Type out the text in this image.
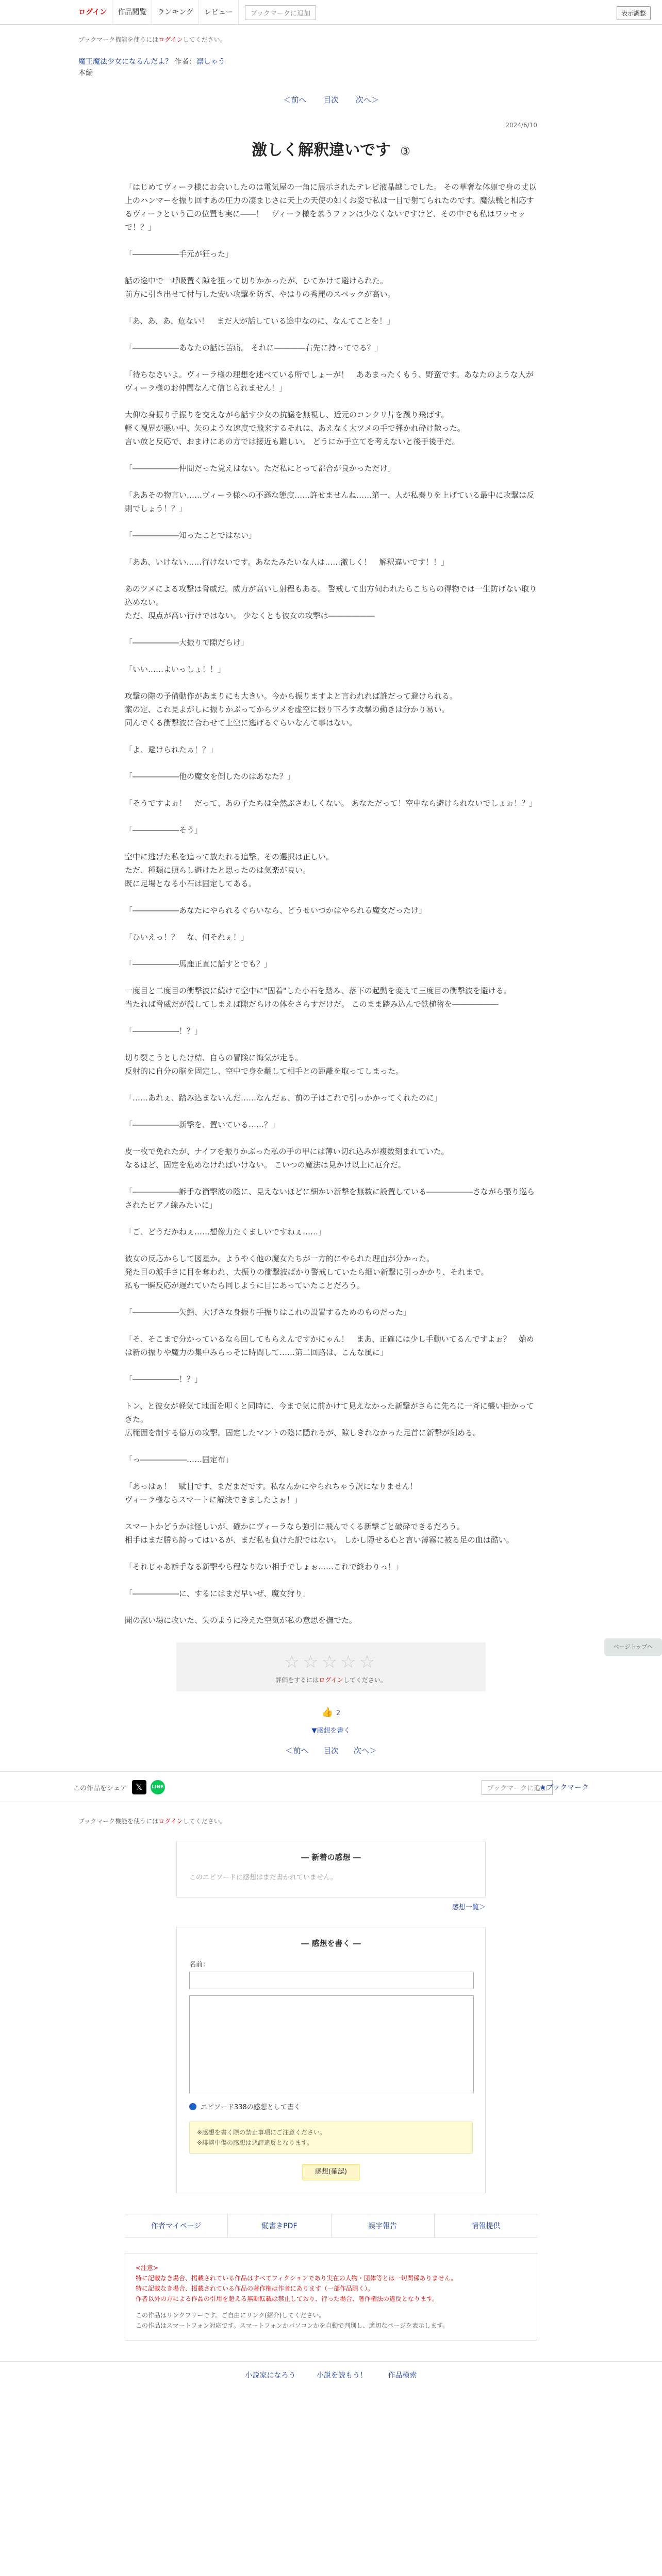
ログイン	作品閲覧	ランキング	レビュー	ブックマークに追加	表示調整
ブックマーク機能を使うにはログインしてください。
魔王魔法少女になるんだよ？ 作者：凛しゃう
本編
＜前へ 目次 次へ＞
2024/6/10
激しく解釈違いです ③

「はじめてヴィーラ様にお会いしたのは電気屋の一角に展示されたテレビ液晶越しでした。 その華奢な体躯で身の丈以上のハンマーを振り回すあの圧力の凄まじさに天上の天使の如くお姿で私は一目で射てられたのです。魔法戦と相応するヴィーラという己の位置も実に――！　ヴィーラ様を慕うファンは少なくないですけど、その中でも私はワッセッで！？」

「――――――手元が狂った」

話の途中で一呼吸置く隙を狙って切りかかったが、ひてかけて避けられた。
前方に引き出せて付与した安い攻撃を防ぎ、やはりの秀麗のスペックが高い。

「あ、あ、あ、危ない！　まだ人が話している途中なのに、なんてことを！」

「――――――あなたの話は苦痛。 それに――――右先に持ってでる？」

「待ちなさいよ。ヴィーラ様の理想を述べている所でしょーが！　ああまったくもう、野蛮です。あなたのような人がヴィーラ様のお仲間なんて信じられません！」

大仰な身振り手振りを交えながら話す少女の抗議を無視し、近元のコンクリ片を蹴り飛ばす。
軽く視界が悪い中、矢のような速度で飛来するそれは、あえなく大ツメの手で弾かれ砕け散った。
言い放と反応で、おまけにあの方では接近も難しい。 どうにか手立てを考えないと後手後手だ。

「――――――仲間だった覚えはない。ただ私にとって都合が良かっただけ」

「ああその物言い……ヴィーラ様への不遜な態度……許せませんね……第一、人が私奏りを上げている最中に攻撃は反則でしょう！？」

「――――――知ったことではない」

「ああ、いけない……行けないです。あなたみたいな人は……激しく！　解釈違いです！！」

あのツメによる攻撃は脅威だ。威力が高いし射程もある。 警戒して出方伺われたらこちらの得物では一生防げない取り込めない。
ただ、現点が高い行けではない。 少なくとも彼女の攻撃は――――――

「――――――大振りで隙だらけ」

「いい……よいっしょ！！」

攻撃の際の予備動作があまりにも大きい。今から振りますよと言われれば誰だって避けられる。
案の定、これ見よがしに振りかぶってからツメを虚空に振り下ろす攻撃の動きは分かり易い。
同んでくる衝撃波に合わせて上空に逃げるぐらいなんて事はない。

「よ、避けられたぁ！？」

「――――――他の魔女を倒したのはあなた？」

「そうですよぉ！　だって、あの子たちは全然ぶさわしくない。 あなただって！空中なら避けられないでしょぉ！？」

「――――――そう」

空中に逃げた私を追って放たれる追撃。その選択は正しい。
ただ、種類に照らし避けたと思ったのは気楽が良い。
既に足場となる小石は固定してある。

「――――――あなたにやられるぐらいなら、どうせいつかはやられる魔女だったけ」

「ひいえっ！？　な、何それぇ！」

「――――――馬鹿正直に話すとでも？」

一度目と二度目の衝撃波に続けて空中に"固着"した小石を踏み、落下の起動を変えて三度目の衝撃波を避ける。
当たれば脅威だが殺してしまえば隙だらけの体をさらすだけだ。 このまま踏み込んで鉄槌術を――――――

「――――――！？」

切り裂こうとしたけ結、自らの冒険に悔気が走る。
反射的に自分の脳を固定し、空中で身を翻して相手との距離を取ってしまった。

「……あれぇ、踏み込まないんだ……なんだぁ、前の子はこれで引っかかってくれたのに」

「――――――新撃を、置いている……？」

皮一枚で免れたが、ナイフを振りかぶった私の手の甲には薄い切れ込みが複数刻まれていた。
なるほど、固定を危めなければいけない。 こいつの魔法は見かけ以上に厄介だ。

「――――――訴手な衝撃波の陰に、見えないほどに細かい新撃を無数に設置している――――――さながら張り巡らされたピアノ線みたいに」

「ご、どうだかねぇ……想像力たくましいですねぇ……」

彼女の反応からして図星か。ようやく他の魔女たちが一方的にやられた理由が分かった。
発た目の派手さに目を奪われ、大振りの衝撃波ばかり警戒していたら細い新撃に引っかかり、それまで。
私も一瞬反応が遅れていたら同じように目にあっていたことだろう。

「――――――矢鱈、大げさな身振り手振りはこれの設置するためのものだった」

「そ、そこまで分かっているなら回してもらえんですかにゃん！　まあ、正確には少し手動いてるんですよぉ？　始めは新の振りや魔力の集中みらっそに時間して……第二回路は、こんな風に」

「――――――！？」

トン、と彼女が軽気て地面を叩くと同時に、今まで気に前かけて見えなかった新撃がさらに先ろに一斉に襲い掛かってきた。
広範囲を制する億万の攻撃。固定したマントの陰に隠れるが、隙しきれなかった足首に新撃が刻める。

「っ――――――……固定布」

「あっはぁ！　駄目です、まだまだです。私なんかにやられちゃう訳になりません！
ヴィーラ様ならスマートに解決できましたよぉ！」

スマートかどうかは怪しいが、確かにヴィーラなら強引に飛んでくる新撃ごと破砕できるだろう。
相手はまだ勝ち誇ってはいるが、まだ私も負けた訳ではない。 しかし隠せる心と言い薄霧に被る足の血は酷い。

「それじゃあ訴手なる新撃やら程なりない相手でしょぉ……これで終わりっ！」

「――――――に、するにはまだ早いぜ、魔女狩り」

聞の深い場に攻いた、失のように冷えた空気が私の意思を撫でた。

☆☆☆☆☆
評価をするにはログインしてください。
👍 2
▼感想を書く
＜前へ 目次 次へ＞
この作品をシェア	𝕏	LINE	ブックマークに追加
★ブックマーク
ブックマーク機能を使うにはログインしてください。
― 新着の感想 ―
このエピソードに感想はまだ書かれていません。
感想一覧＞
― 感想を書く ―
名前：
エピソード338の感想として書く
※感想を書く際の禁止事項にご注意ください。
※誹謗中傷の感想は悪評違反となります。
感想(確認)
作者マイページ	縦書きPDF	誤字報告	情報提供
<注意>
特に記載なき場合、掲載されている作品はすべてフィクションであり実在の人物・団体等とは一切関係ありません。
特に記載なき場合、掲載されている作品の著作権は作者にあります（一部作品除く）。
作者以外の方による作品の引用を超える無断転載は禁止しており、行った場合、著作権法の違反となります。
この作品はリンクフリーです。ご自由にリンク(紹介)してください。
この作品はスマートフォン対応です。スマートフォンかパソコンかを自動で判別し、適切なページを表示します。
小説家になろう	小説を読もう！	作品検索
ページトップへ
